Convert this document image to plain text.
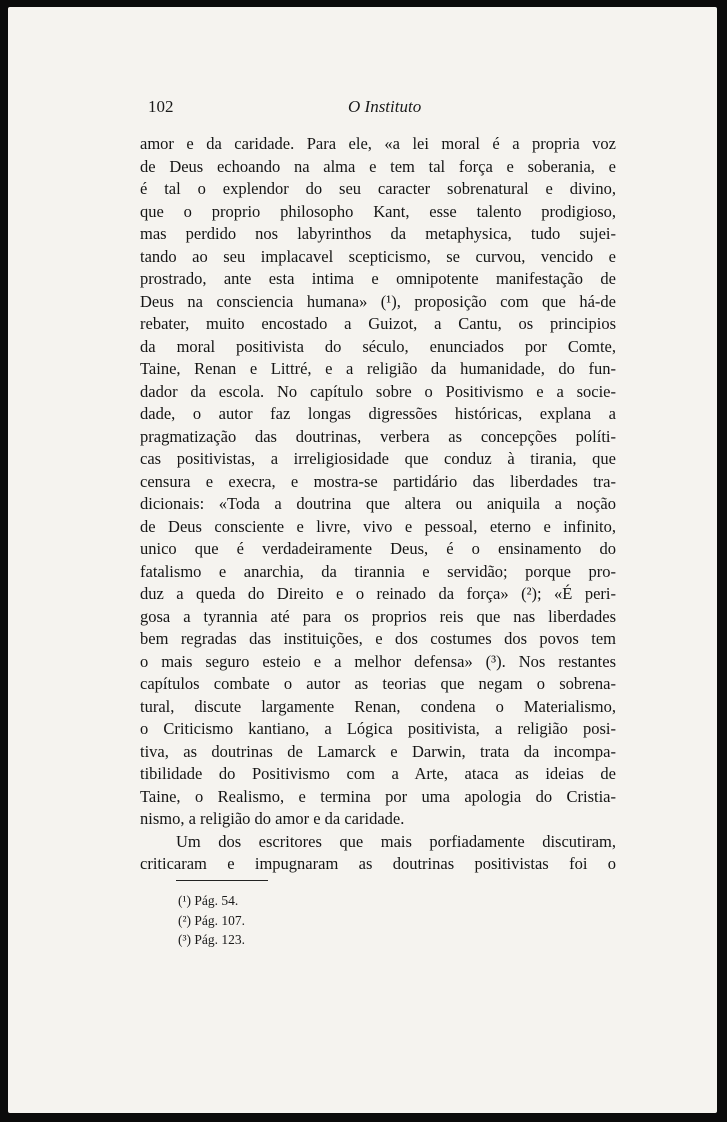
102	O Instituto
amor e da caridade. Para ele, «a lei moral é a propria voz
de Deus echoando na alma e tem tal força e soberania, e
é tal o explendor do seu caracter sobrenatural e divino,
que o proprio philosopho Kant, esse talento prodigioso,
mas perdido nos labyrinthos da metaphysica, tudo sujei-
tando ao seu implacavel scepticismo, se curvou, vencido e
prostrado, ante esta intima e omnipotente manifestação de
Deus na consciencia humana» (¹), proposição com que há-de
rebater, muito encostado a Guizot, a Cantu, os principios
da moral positivista do século, enunciados por Comte,
Taine, Renan e Littré, e a religião da humanidade, do fun-
dador da escola. No capítulo sobre o Positivismo e a socie-
dade, o autor faz longas digressões históricas, explana a
pragmatização das doutrinas, verbera as concepções políti-
cas positivistas, a irreligiosidade que conduz à tirania, que
censura e execra, e mostra-se partidário das liberdades tra-
dicionais: «Toda a doutrina que altera ou aniquila a noção
de Deus consciente e livre, vivo e pessoal, eterno e infinito,
unico que é verdadeiramente Deus, é o ensinamento do
fatalismo e anarchia, da tirannia e servidão; porque pro-
duz a queda do Direito e o reinado da força» (²); «É peri-
gosa a tyrannia até para os proprios reis que nas liberdades
bem regradas das instituições, e dos costumes dos povos tem
o mais seguro esteio e a melhor defensa» (³). Nos restantes
capítulos combate o autor as teorias que negam o sobrena-
tural, discute largamente Renan, condena o Materialismo,
o Criticismo kantiano, a Lógica positivista, a religião posi-
tiva, as doutrinas de Lamarck e Darwin, trata da incompa-
tibilidade do Positivismo com a Arte, ataca as ideias de
Taine, o Realismo, e termina por uma apologia do Cristia-
nismo, a religião do amor e da caridade.
Um dos escritores que mais porfiadamente discutiram,
criticaram e impugnaram as doutrinas positivistas foi o
(¹) Pág. 54.
(²) Pág. 107.
(³) Pág. 123.
